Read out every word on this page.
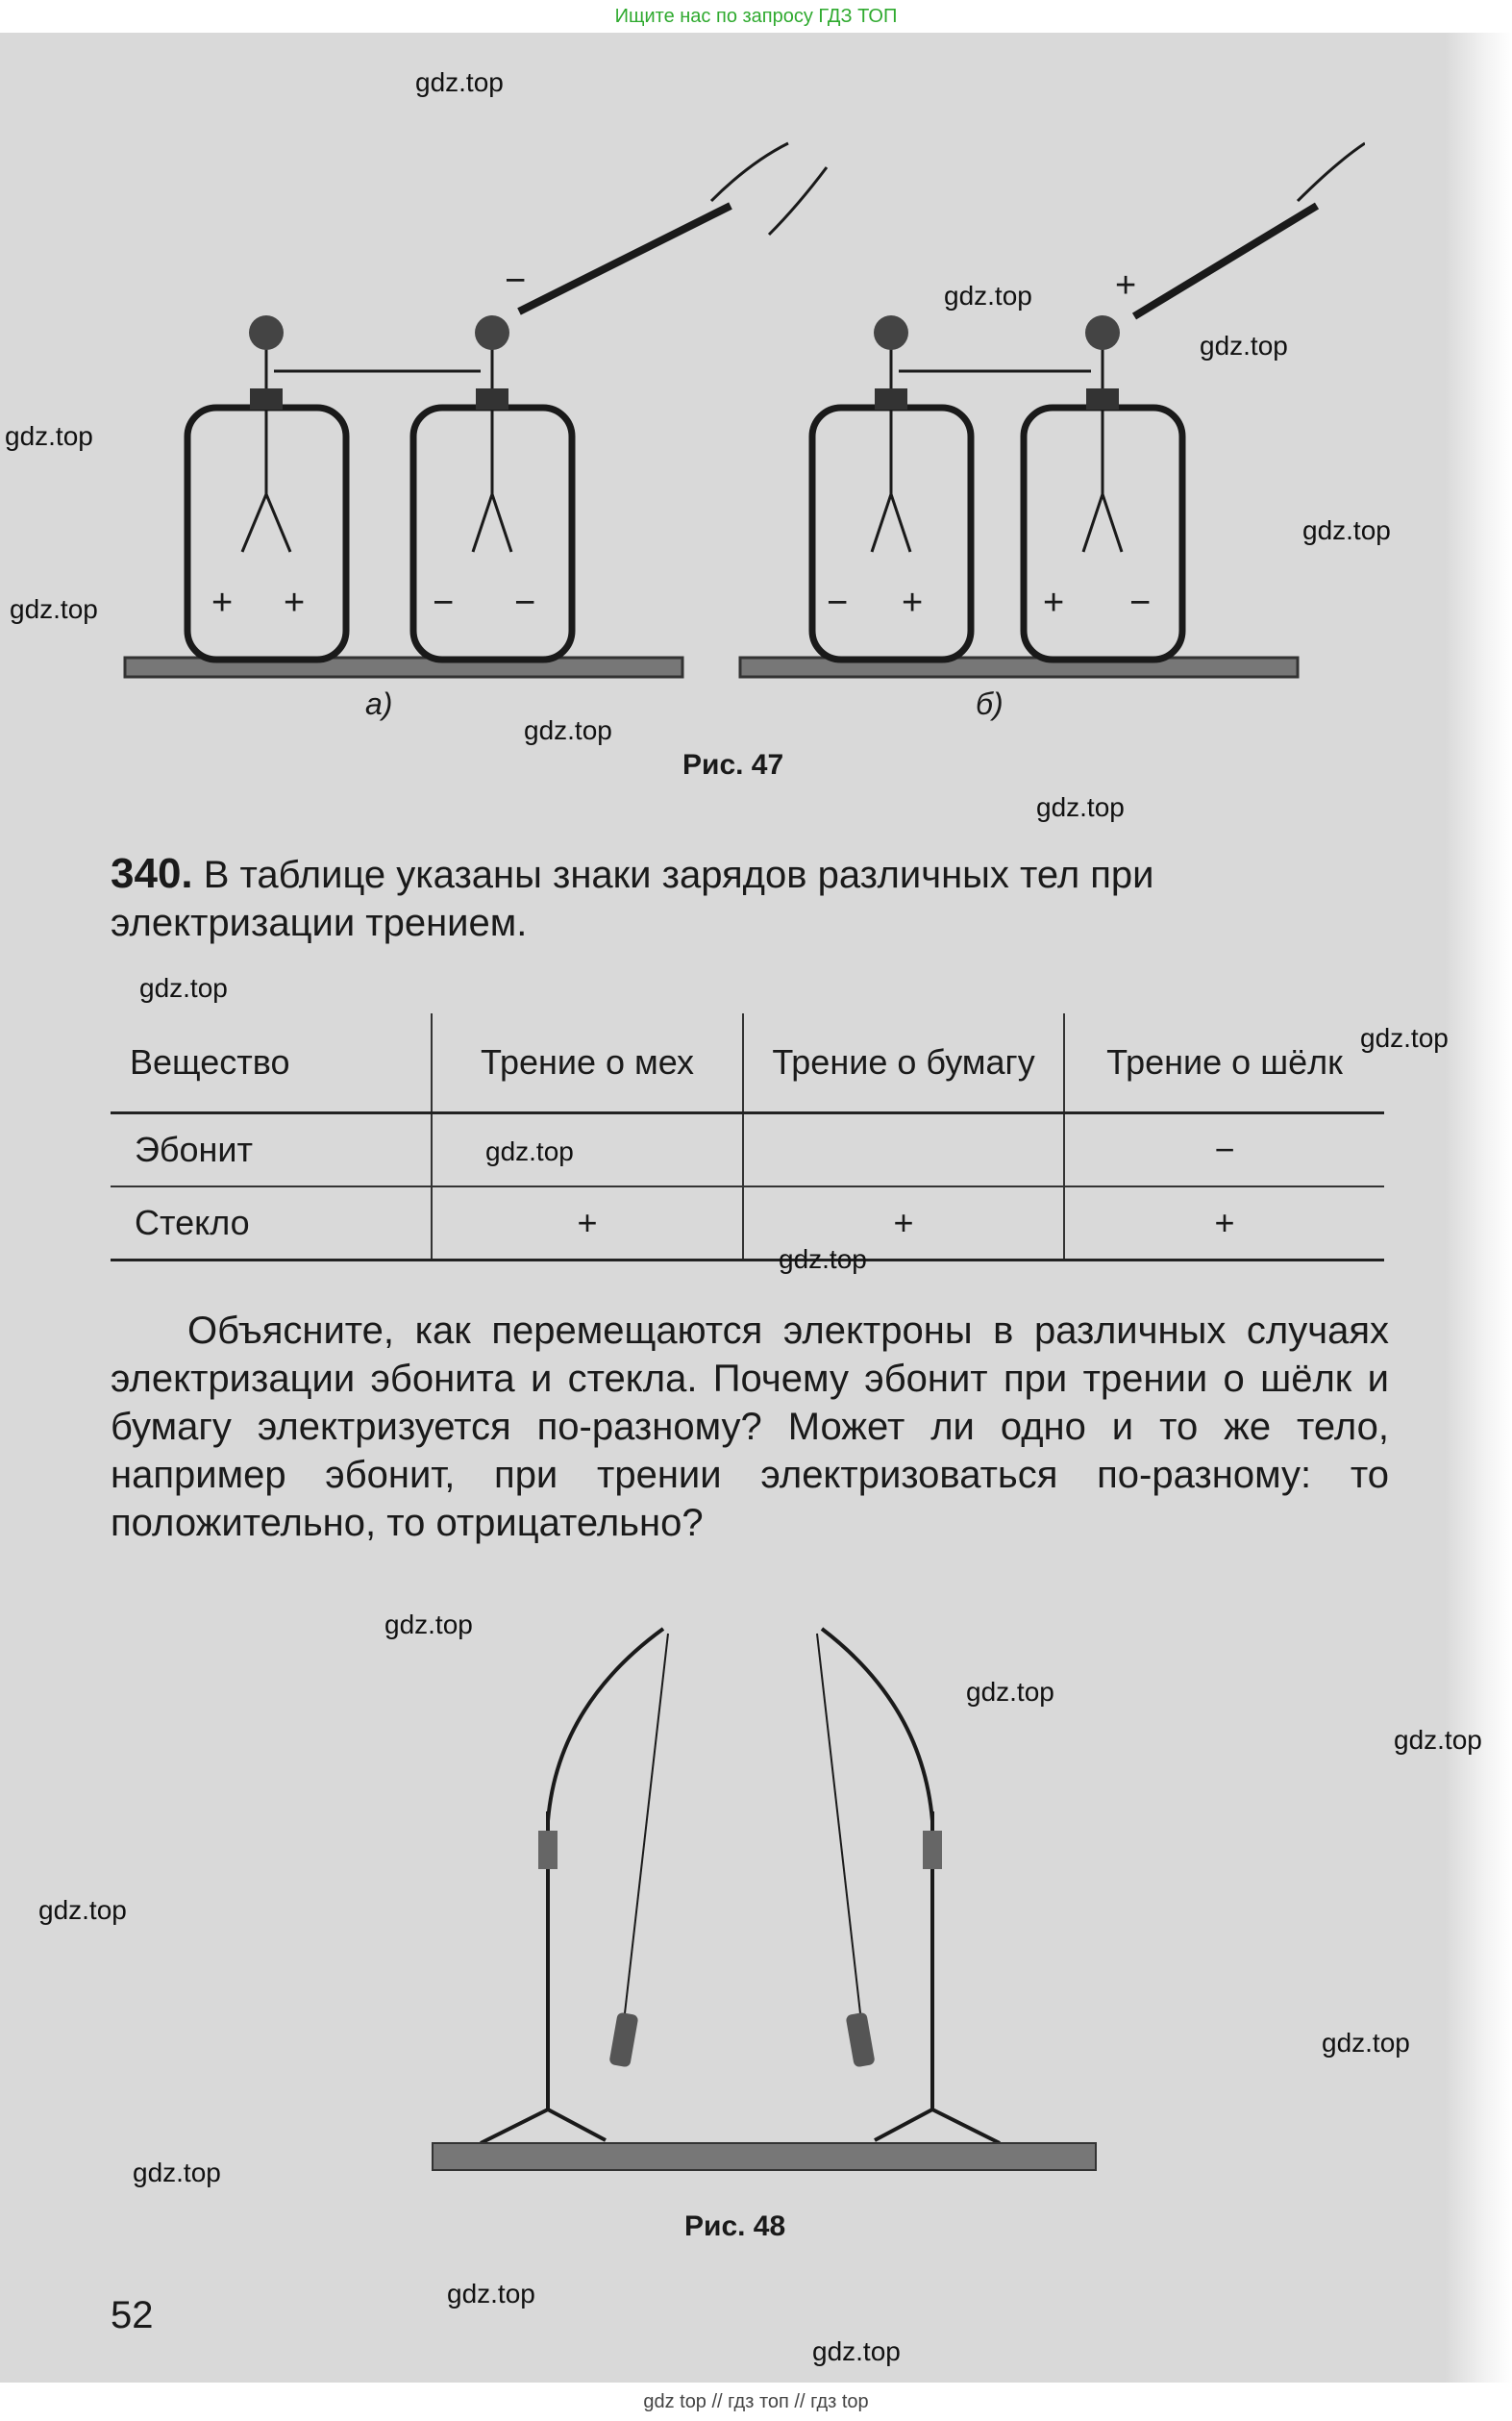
Ищите нас по запросу ГДЗ ТОП
−	+
+ +	− −	− +	+ −
а)	б)
Рис. 47
340. В таблице указаны знаки зарядов различных тел при электризации трением.
Вещество	Трение о мех	Трение о бумагу	Трение о шёлк
Эбонит			−
Стекло	+	+	+

Объясните, как перемещаются электроны в различных случаях электризации эбонита и стекла. Почему эбонит при трении о шёлк и бумагу электризуется по-разному? Может ли одно и то же тело, например эбонит, при трении электризоваться по-разному: то положительно, то отрицательно?

Рис. 48
52
gdz.top
gdz.top
gdz.top
gdz.top
gdz.top
gdz.top
gdz.top
gdz.top
gdz.top
gdz.top
gdz.top
gdz.top
gdz.top
gdz.top
gdz.top
gdz.top
gdz.top
gdz.top
gdz.top
gdz.top
gdz top // гдз топ // гдз top
